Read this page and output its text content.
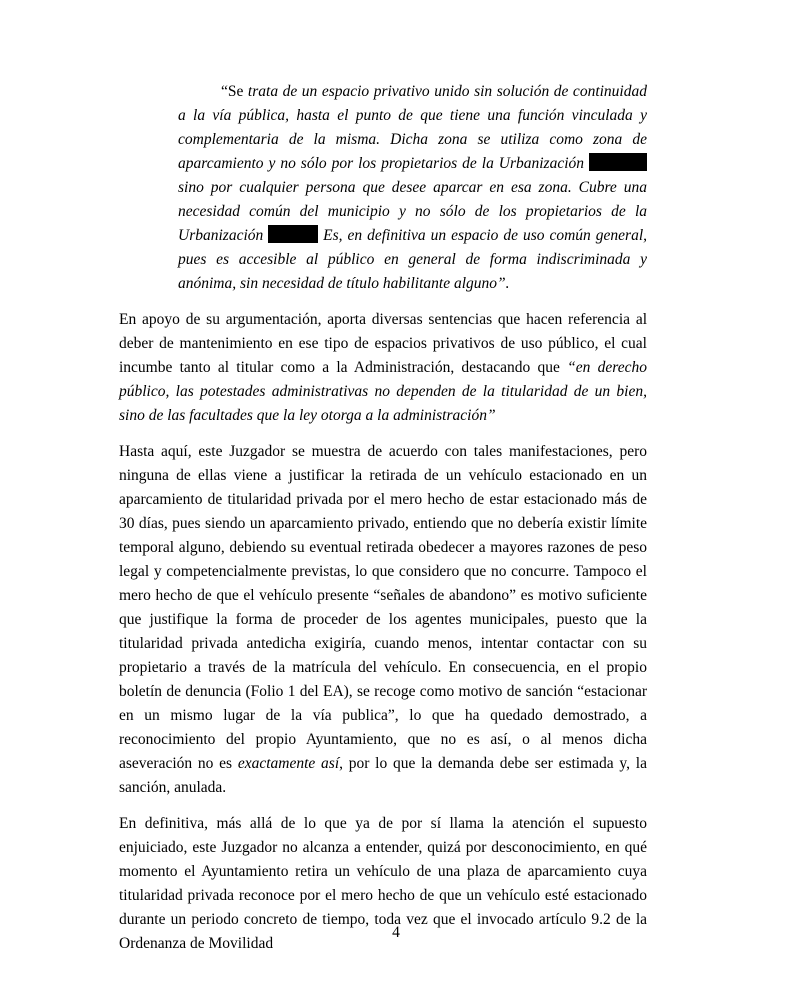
“Se trata de un espacio privativo unido sin solución de continuidad a la vía pública, hasta el punto de que tiene una función vinculada y complementaria de la misma. Dicha zona se utiliza como zona de aparcamiento y no sólo por los propietarios de la Urbanización  sino por cualquier persona que desee aparcar en esa zona. Cubre una necesidad común del municipio y no sólo de los propietarios de la Urbanización	Es, en definitiva un espacio de uso común general, pues es accesible al público en general de forma indiscriminada y anónima, sin necesidad de título habilitante alguno”.

En apoyo de su argumentación, aporta diversas sentencias que hacen referencia al deber de mantenimiento en ese tipo de espacios privativos de uso público, el cual incumbe tanto al titular como a la Administración, destacando que “en derecho público, las potestades administrativas no dependen de la titularidad de un bien, sino de las facultades que la ley otorga a la administración”

Hasta aquí, este Juzgador se muestra de acuerdo con tales manifestaciones, pero ninguna de ellas viene a justificar la retirada de un vehículo estacionado en un aparcamiento de titularidad privada por el mero hecho de estar estacionado más de 30 días, pues siendo un aparcamiento privado, entiendo que no debería existir límite temporal alguno, debiendo su eventual retirada obedecer a mayores razones de peso legal y competencialmente previstas, lo que considero que no concurre. Tampoco el mero hecho de que el vehículo presente “señales de abandono” es motivo suficiente que justifique la forma de proceder de los agentes municipales, puesto que la titularidad privada antedicha exigiría, cuando menos, intentar contactar con su propietario a través de la matrícula del vehículo. En consecuencia, en el propio boletín de denuncia (Folio 1 del EA), se recoge como motivo de sanción “estacionar en un mismo lugar de la vía publica”, lo que ha quedado demostrado, a reconocimiento del propio Ayuntamiento, que no es así, o al menos dicha aseveración no es exactamente así, por lo que la demanda debe ser estimada y, la sanción, anulada.

En definitiva, más allá de lo que ya de por sí llama la atención el supuesto enjuiciado, este Juzgador no alcanza a entender, quizá por desconocimiento, en qué momento el Ayuntamiento retira un vehículo de una plaza de aparcamiento cuya titularidad privada reconoce por el mero hecho de que un vehículo esté estacionado durante un periodo concreto de tiempo, toda vez que el invocado artículo 9.2 de la Ordenanza de Movilidad

4
